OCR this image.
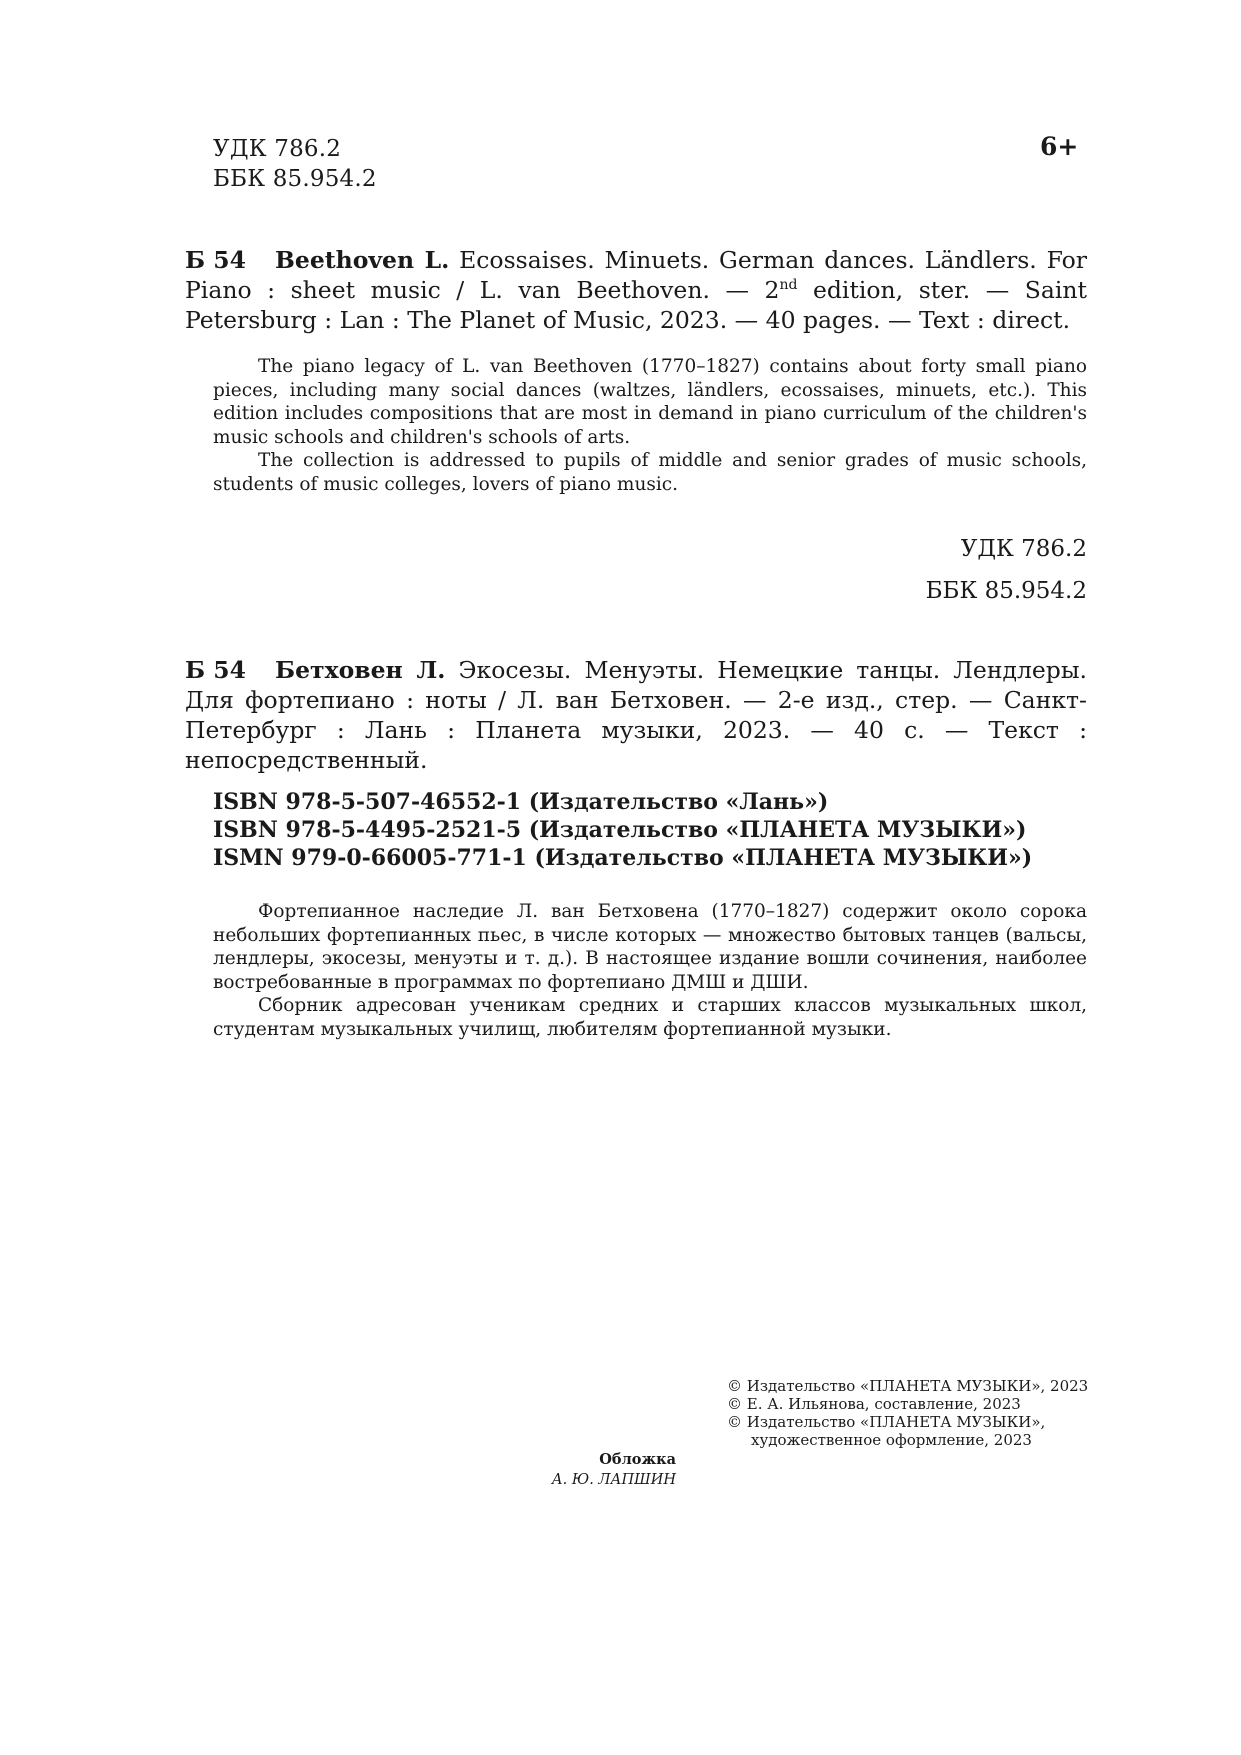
УДК 786.2
ББК 85.954.2
6+
Б 54 Beethoven L. Ecossaises. Minuets. German dances. Ländlers. For Piano : sheet music / L. van Beethoven. — 2nd edition, ster. — Saint Petersburg : Lan : The Planet of Music, 2023. — 40 pages. — Text : direct.

The piano legacy of L. van Beethoven (1770–1827) contains about forty small piano pieces, including many social dances (waltzes, ländlers, ecossaises, minuets, etc.). This edition includes compositions that are most in demand in piano curriculum of the children's music schools and children's schools of arts.

The collection is addressed to pupils of middle and senior grades of music schools, students of music colleges, lovers of piano music.

УДК 786.2
ББК 85.954.2
Б 54 Бетховен Л. Экосезы. Менуэты. Немецкие танцы. Лендлеры. Для фортепиано : ноты / Л. ван Бетховен. — 2-е изд., стер. — Санкт-Петербург : Лань : Планета музыки, 2023. — 40 с. — Текст : непосредственный.
ISBN 978-5-507-46552-1 (Издательство «Лань»)
ISBN 978-5-4495-2521-5 (Издательство «ПЛАНЕТА МУЗЫКИ»)
ISMN 979-0-66005-771-1 (Издательство «ПЛАНЕТА МУЗЫКИ»)

Фортепианное наследие Л. ван Бетховена (1770–1827) содержит около сорока небольших фортепианных пьес, в числе которых — множество бытовых танцев (вальсы, лендлеры, экосезы, менуэты и т. д.). В настоящее издание вошли сочинения, наиболее востребованные в программах по фортепиано ДМШ и ДШИ.

Сборник адресован ученикам средних и старших классов музыкальных школ, студентам музыкальных училищ, любителям фортепианной музыки.

© Издательство «ПЛАНЕТА МУЗЫКИ», 2023
© Е. А. Ильянова, составление, 2023
© Издательство «ПЛАНЕТА МУЗЫКИ»,
художественное оформление, 2023
Обложка
А. Ю. ЛАПШИН
